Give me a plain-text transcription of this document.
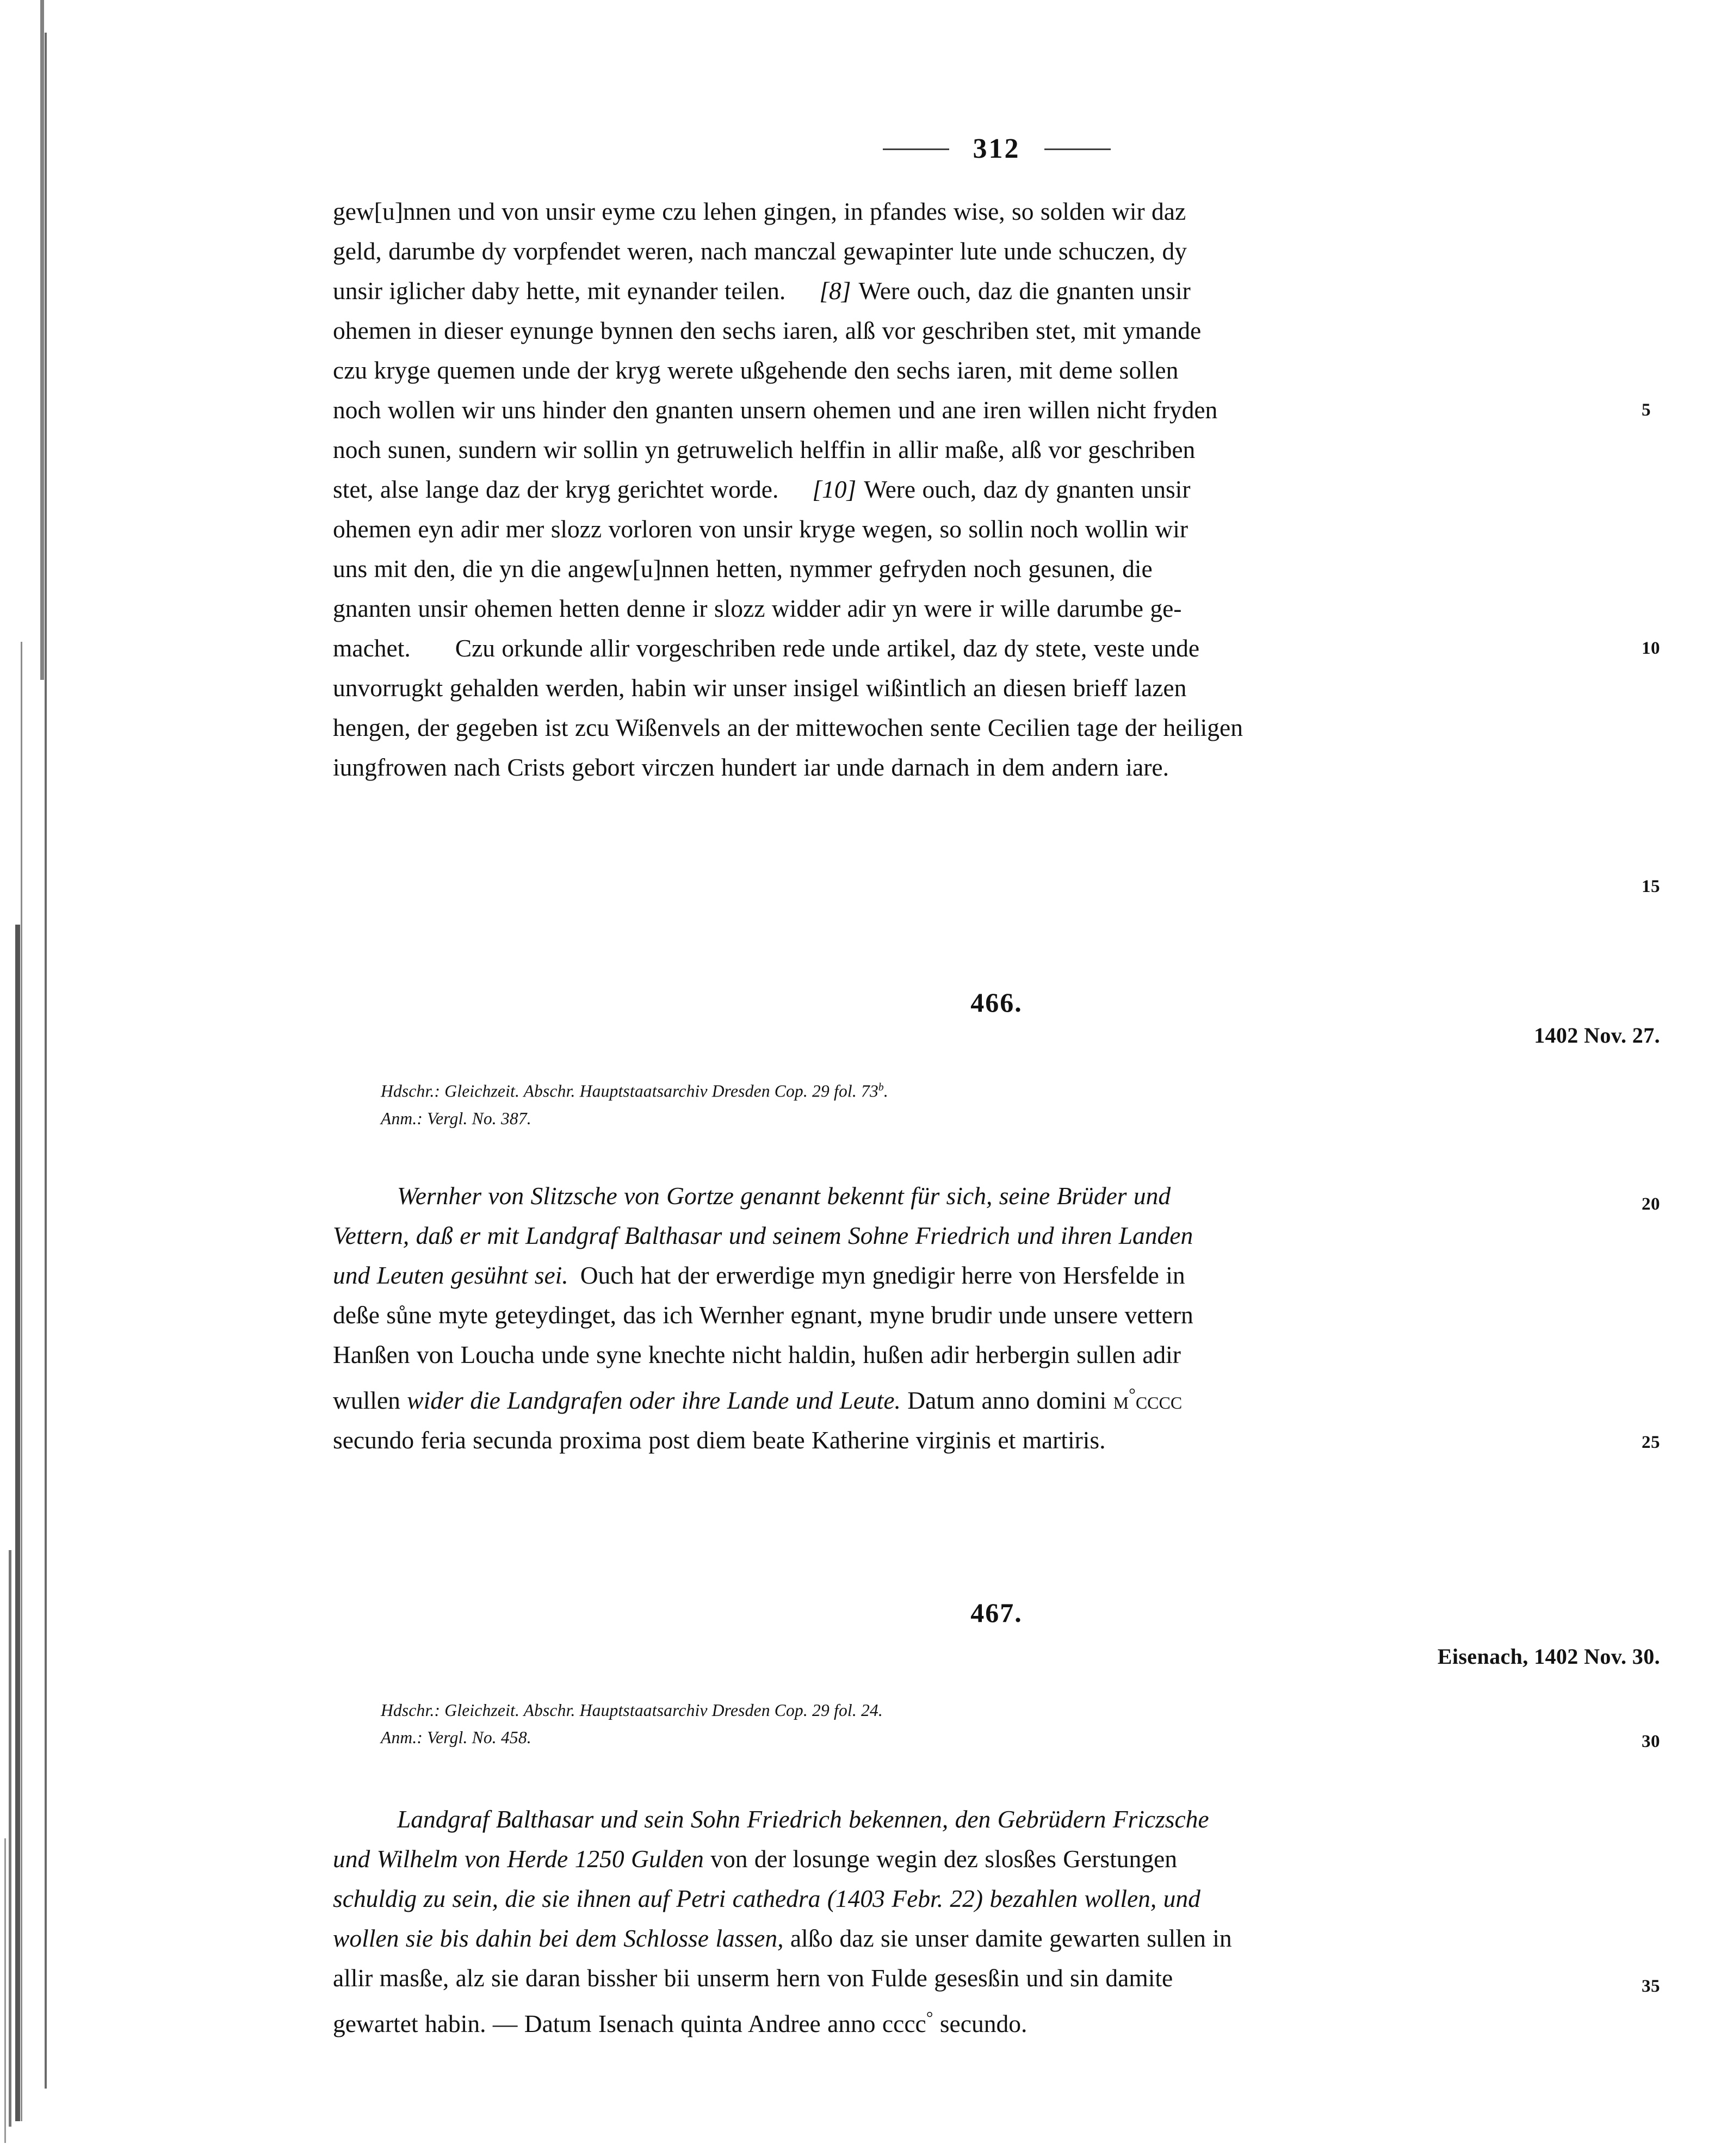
312
gew[u]nnen und von unsir eyme czu lehen gingen, in pfandes wise, so solden wir daz
geld, darumbe dy vorpfendet weren, nach manczal gewapinter lute unde schuczen, dy
unsir iglicher daby hette, mit eynander teilen. [8] Were ouch, daz die gnanten unsir
ohemen in dieser eynunge bynnen den sechs iaren, alß vor geschriben stet, mit ymande
czu kryge quemen unde der kryg werete ußgehende den sechs iaren, mit deme sollen
noch wollen wir uns hinder den gnanten unsern ohemen und ane iren willen nicht fryden
noch sunen, sundern wir sollin yn getruwelich helffin in allir maße, alß vor geschriben
stet, alse lange daz der kryg gerichtet worde. [10] Were ouch, daz dy gnanten unsir
ohemen eyn adir mer slozz vorloren von unsir kryge wegen, so sollin noch wollin wir
uns mit den, die yn die angew[u]nnen hetten, nymmer gefryden noch gesunen, die
gnanten unsir ohemen hetten denne ir slozz widder adir yn were ir wille darumbe ge-
machet. Czu orkunde allir vorgeschriben rede unde artikel, daz dy stete, veste unde
unvorrugkt gehalden werden, habin wir unser insigel wißintlich an diesen brieff lazen
hengen, der gegeben ist zcu Wißenvels an der mittewochen sente Cecilien tage der heiligen
iungfrowen nach Crists gebort virczen hundert iar unde darnach in dem andern iare.
466.
1402 Nov. 27.
Hdschr.: Gleichzeit. Abschr. Hauptstaatsarchiv Dresden Cop. 29 fol. 73$^b$.
Anm.: Vergl. No. 387.
Wernher von Slitzsche von Gortze genannt bekennt für sich, seine Brüder und
Vettern, daß er mit Landgraf Balthasar und seinem Sohne Friedrich und ihren Landen
und Leuten gesühnt sei. Ouch hat der erwerdige myn gnedigir herre von Hersfelde in
deße sůne myte geteydinget, das ich Wernher egnant, myne brudir unde unsere vettern
Hanßen von Loucha unde syne knechte nicht haldin, hußen adir herbergin sullen adir
wullen wider die Landgrafen oder ihre Lande und Leute. Datum anno domini m°cccc
secundo feria secunda proxima post diem beate Katherine virginis et martiris.
467.
Eisenach, 1402 Nov. 30.
Hdschr.: Gleichzeit. Abschr. Hauptstaatsarchiv Dresden Cop. 29 fol. 24.
Anm.: Vergl. No. 458.
Landgraf Balthasar und sein Sohn Friedrich bekennen, den Gebrüdern Friczsche
und Wilhelm von Herde 1250 Gulden von der losunge wegin dez slosßes Gerstungen
schuldig zu sein, die sie ihnen auf Petri cathedra (1403 Febr. 22) bezahlen wollen, und
wollen sie bis dahin bei dem Schlosse lassen, alßo daz sie unser damite gewarten sullen in
allir masße, alz sie daran bissher bii unserm hern von Fulde gesesßin und sin damite
gewartet habin. — Datum Isenach quinta Andree anno cccc° secundo.
5
10
15
20
25
30
35
